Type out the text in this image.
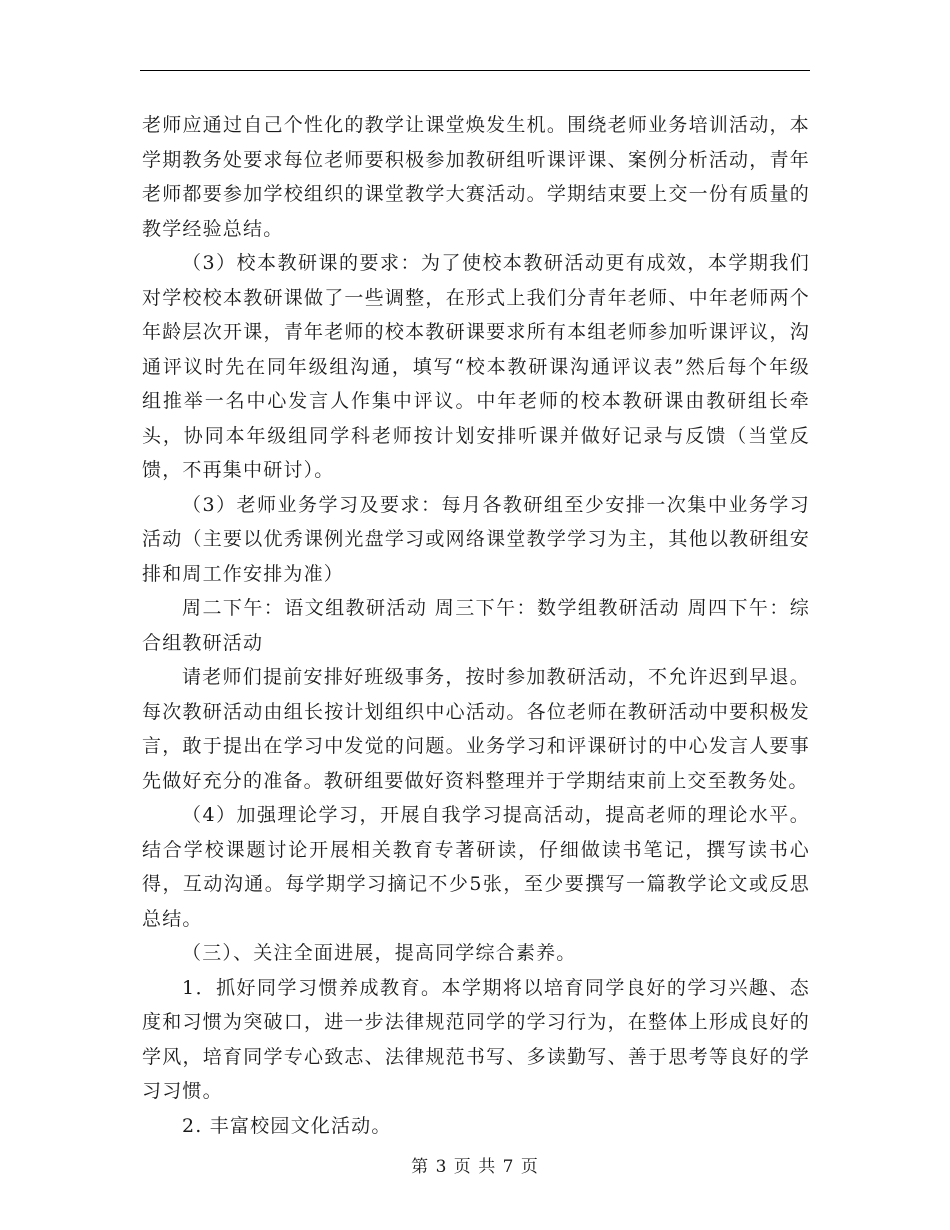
老师应通过自己个性化的教学让课堂焕发生机。围绕老师业务培训活动，本学期教务处要求每位老师要积极参加教研组听课评课、案例分析活动，青年老师都要参加学校组织的课堂教学大赛活动。学期结束要上交一份有质量的教学经验总结。

（3）校本教研课的要求：为了使校本教研活动更有成效，本学期我们对学校校本教研课做了一些调整，在形式上我们分青年老师、中年老师两个年龄层次开课，青年老师的校本教研课要求所有本组老师参加听课评议，沟通评议时先在同年级组沟通，填写“校本教研课沟通评议表”然后每个年级组推举一名中心发言人作集中评议。中年老师的校本教研课由教研组长牵头，协同本年级组同学科老师按计划安排听课并做好记录与反馈（当堂反馈，不再集中研讨）。

（3）老师业务学习及要求：每月各教研组至少安排一次集中业务学习活动（主要以优秀课例光盘学习或网络课堂教学学习为主，其他以教研组安排和周工作安排为准）

周二下午：语文组教研活动 周三下午：数学组教研活动 周四下午：综合组教研活动

请老师们提前安排好班级事务，按时参加教研活动，不允许迟到早退。每次教研活动由组长按计划组织中心活动。各位老师在教研活动中要积极发言，敢于提出在学习中发觉的问题。业务学习和评课研讨的中心发言人要事先做好充分的准备。教研组要做好资料整理并于学期结束前上交至教务处。

（4）加强理论学习，开展自我学习提高活动，提高老师的理论水平。结合学校课题讨论开展相关教育专著研读，仔细做读书笔记，撰写读书心得，互动沟通。每学期学习摘记不少5张，至少要撰写一篇教学论文或反思总结。

（三）、关注全面进展，提高同学综合素养。

1．抓好同学习惯养成教育。本学期将以培育同学良好的学习兴趣、态度和习惯为突破口，进一步法律规范同学的学习行为，在整体上形成良好的学风，培育同学专心致志、法律规范书写、多读勤写、善于思考等良好的学习习惯。

2. 丰富校园文化活动。

第 3 页 共 7 页
